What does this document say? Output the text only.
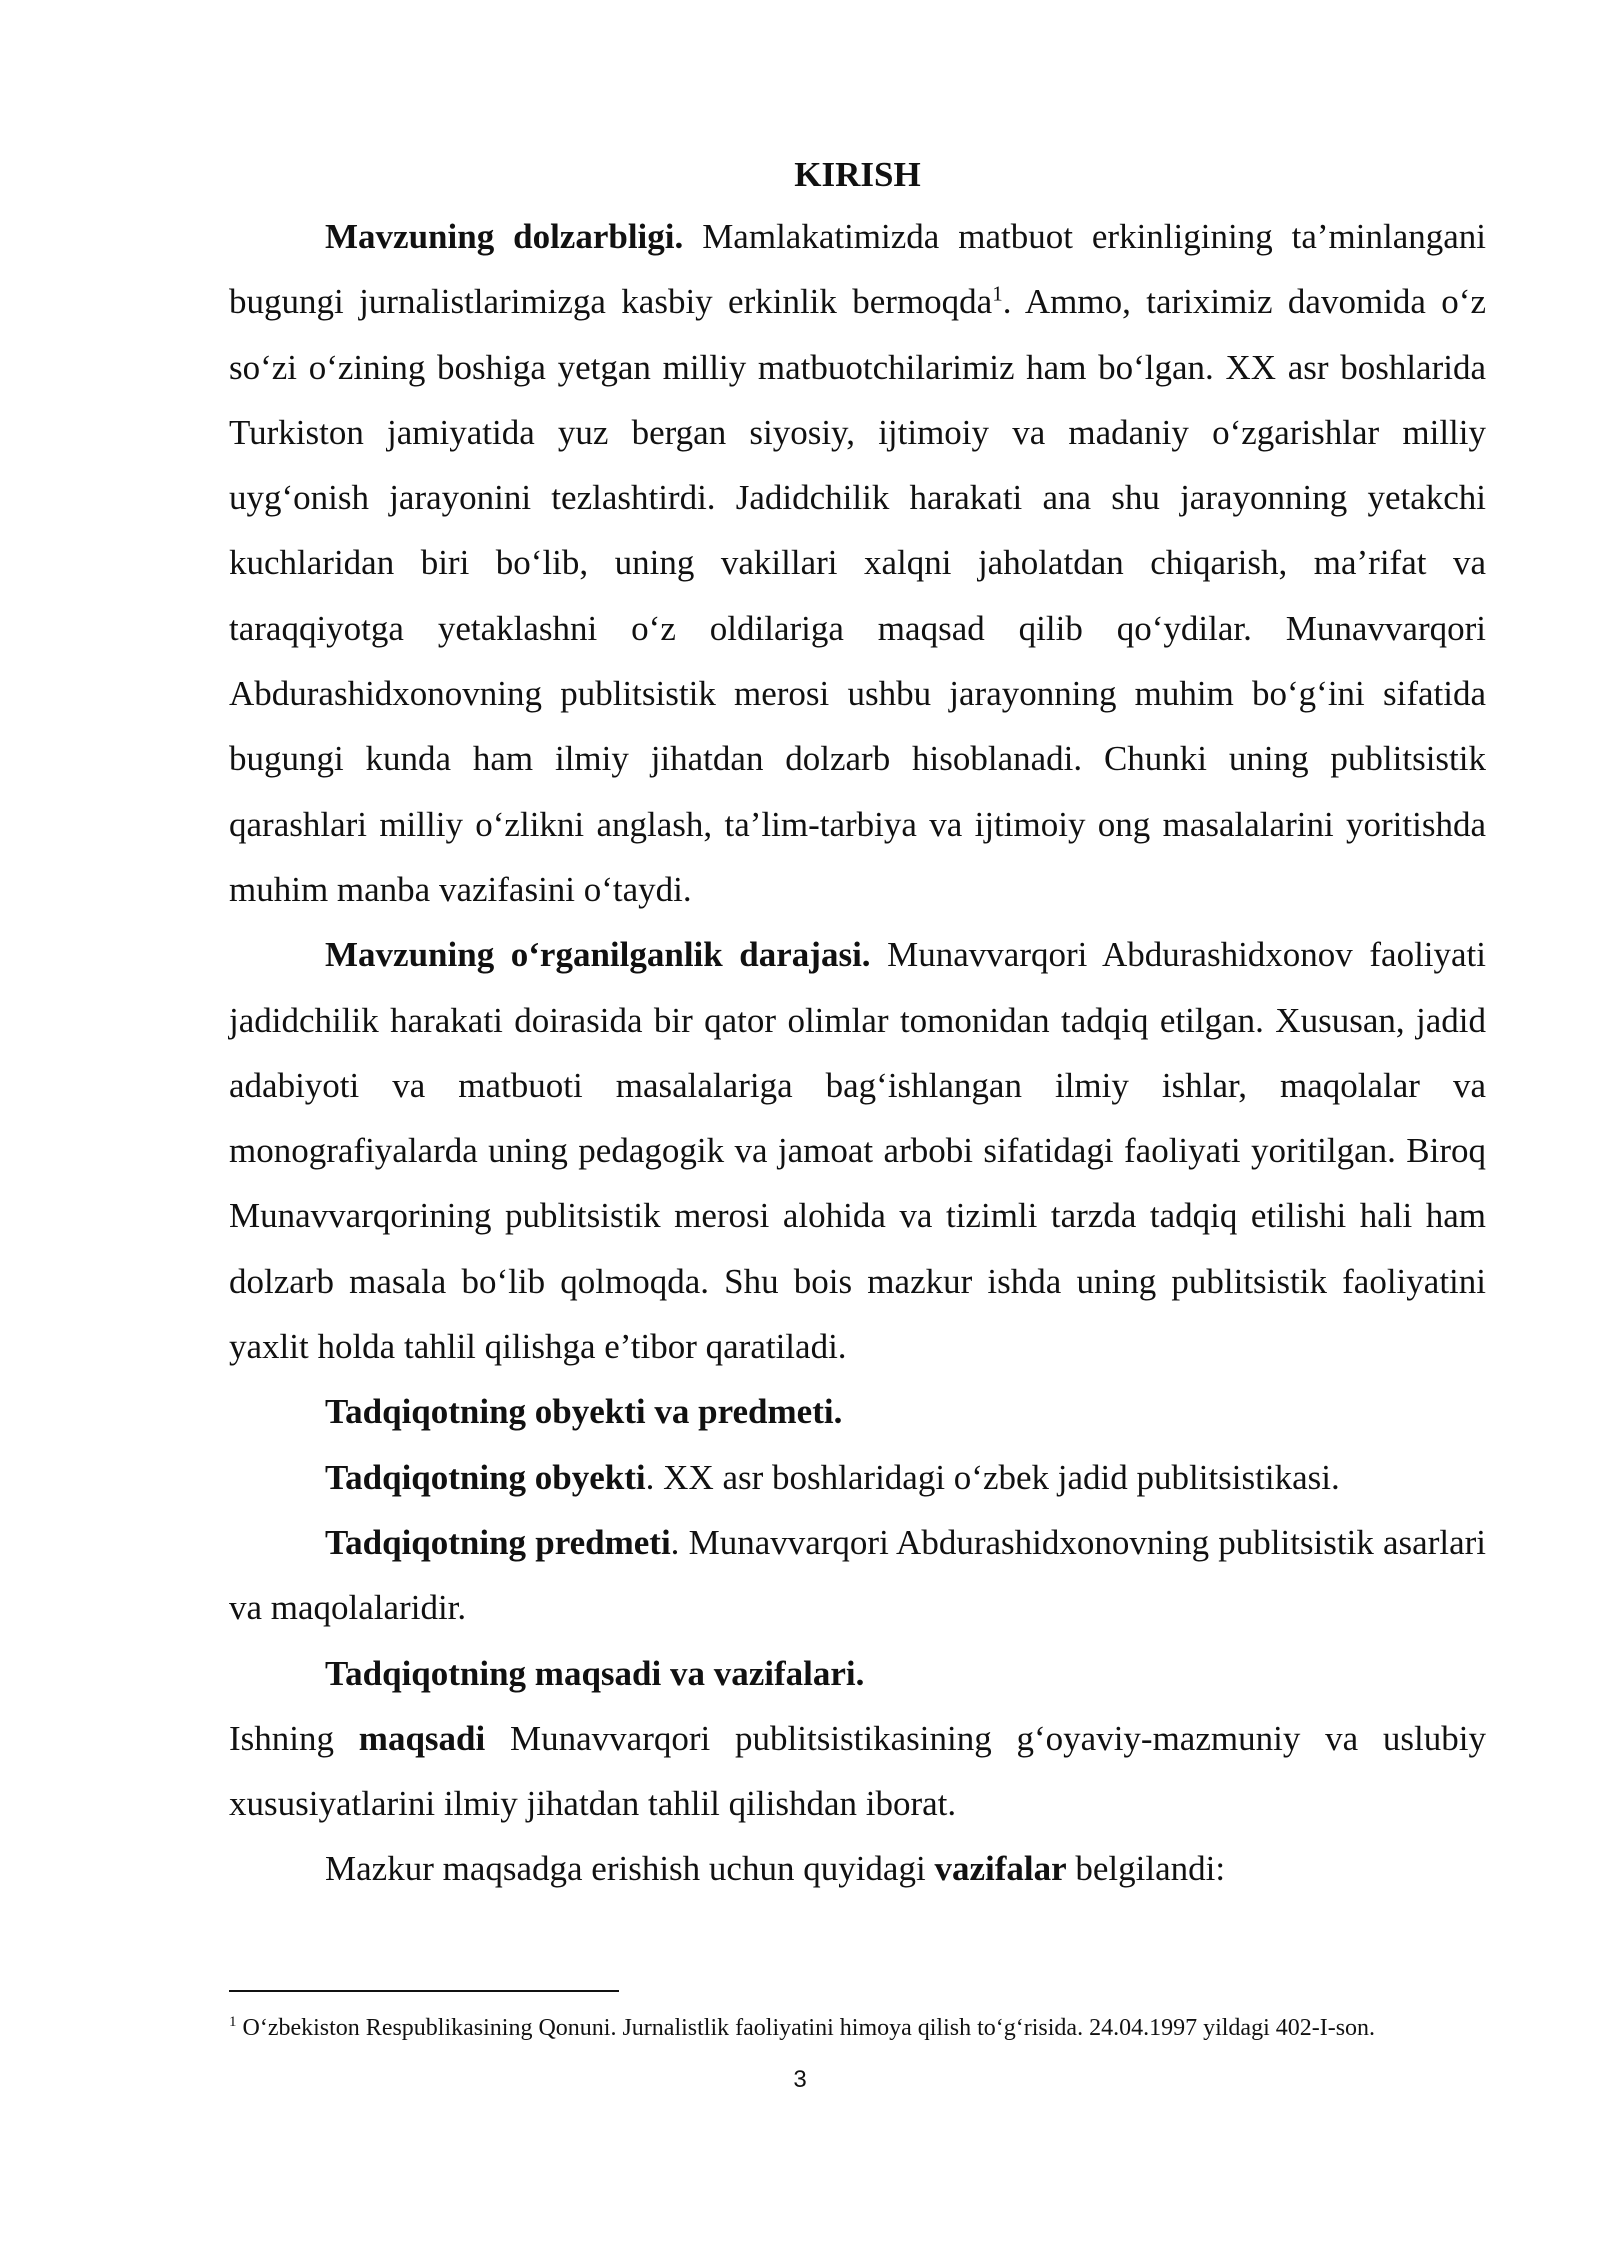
KIRISH

Mavzuning dolzarbligi. Mamlakatimizda matbuot erkinligining ta’minlangani bugungi jurnalistlarimizga kasbiy erkinlik bermoqda$^1$. Ammo, tariximiz davomida o‘z so‘zi o‘zining boshiga yetgan milliy matbuotchilarimiz ham bo‘lgan. XX asr boshlarida Turkiston jamiyatida yuz bergan siyosiy, ijtimoiy va madaniy o‘zgarishlar milliy uyg‘onish jarayonini tezlashtirdi. Jadidchilik harakati ana shu jarayonning yetakchi kuchlaridan biri bo‘lib, uning vakillari xalqni jaholatdan chiqarish, ma’rifat va taraqqiyotga yetaklashni o‘z oldilariga maqsad qilib qo‘ydilar. Munavvarqori Abdurashidxonovning publitsistik merosi ushbu jarayonning muhim bo‘g‘ini sifatida bugungi kunda ham ilmiy jihatdan dolzarb hisoblanadi. Chunki uning publitsistik qarashlari milliy o‘zlikni anglash, ta’lim-tarbiya va ijtimoiy ong masalalarini yoritishda muhim manba vazifasini o‘taydi.

Mavzuning o‘rganilganlik darajasi. Munavvarqori Abdurashidxonov faoliyati jadidchilik harakati doirasida bir qator olimlar tomonidan tadqiq etilgan. Xususan, jadid adabiyoti va matbuoti masalalariga bag‘ishlangan ilmiy ishlar, maqolalar va monografiyalarda uning pedagogik va jamoat arbobi sifatidagi faoliyati yoritilgan. Biroq Munavvarqorining publitsistik merosi alohida va tizimli tarzda tadqiq etilishi hali ham dolzarb masala bo‘lib qolmoqda. Shu bois mazkur ishda uning publitsistik faoliyatini yaxlit holda tahlil qilishga e’tibor qaratiladi.

Tadqiqotning obyekti va predmeti.

Tadqiqotning obyekti. XX asr boshlaridagi o‘zbek jadid publitsistikasi.

Tadqiqotning predmeti. Munavvarqori Abdurashidxonovning publitsistik asarlari va maqolalaridir.

Tadqiqotning maqsadi va vazifalari.

Ishning maqsadi Munavvarqori publitsistikasining g‘oyaviy-mazmuniy va uslubiy xususiyatlarini ilmiy jihatdan tahlil qilishdan iborat.

Mazkur maqsadga erishish uchun quyidagi vazifalar belgilandi:

$^1$ O‘zbekiston Respublikasining Qonuni. Jurnalistlik faoliyatini himoya qilish to‘g‘risida. 24.04.1997 yildagi 402-I-son.
3
